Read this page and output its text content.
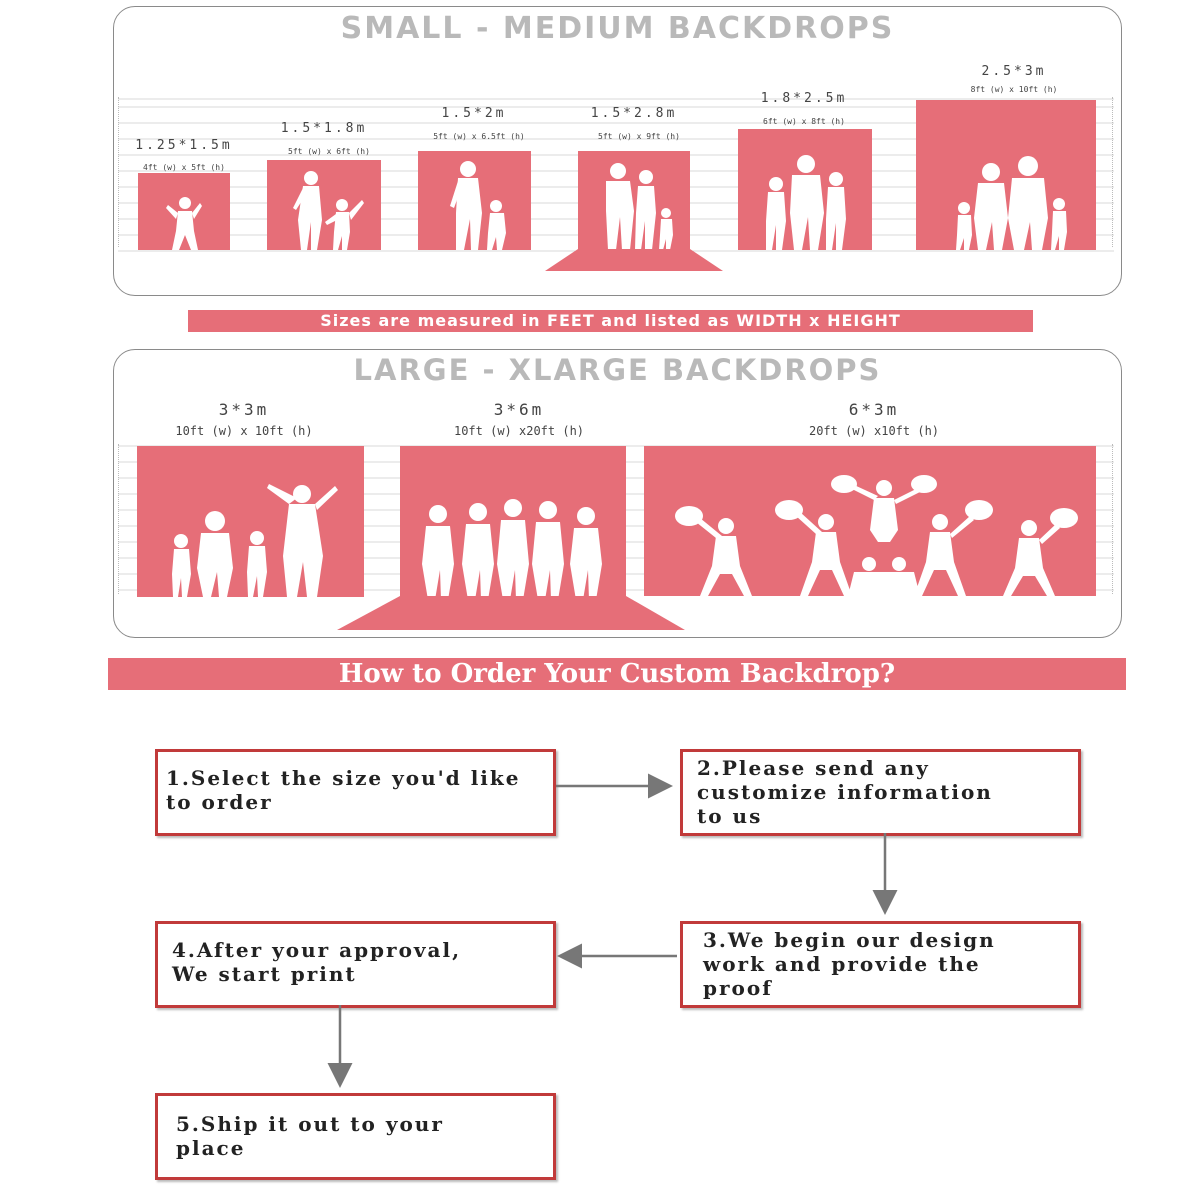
SMALL - MEDIUM BACKDROPS
1.25*1.5m
4ft (w) x 5ft (h)
1.5*1.8m
5ft (w) x 6ft (h)
1.5*2m
5ft (w) x 6.5ft (h)
1.5*2.8m
5ft (w) x 9ft (h)
1.8*2.5m
6ft (w) x 8ft (h)
2.5*3m
8ft (w) x 10ft (h)
Sizes are measured in FEET and listed as WIDTH x HEIGHT
LARGE - XLARGE BACKDROPS
3*3m
10ft (w) x 10ft (h)
3*6m
10ft (w) x20ft (h)
6*3m
20ft (w) x10ft (h)
How to Order Your Custom Backdrop?
1.Select the size you'd like
to order
2.Please send any
customize information
to us
3.We begin our design
work and provide the
proof
4.After your approval,
We start print
5.Ship it out to your
place
